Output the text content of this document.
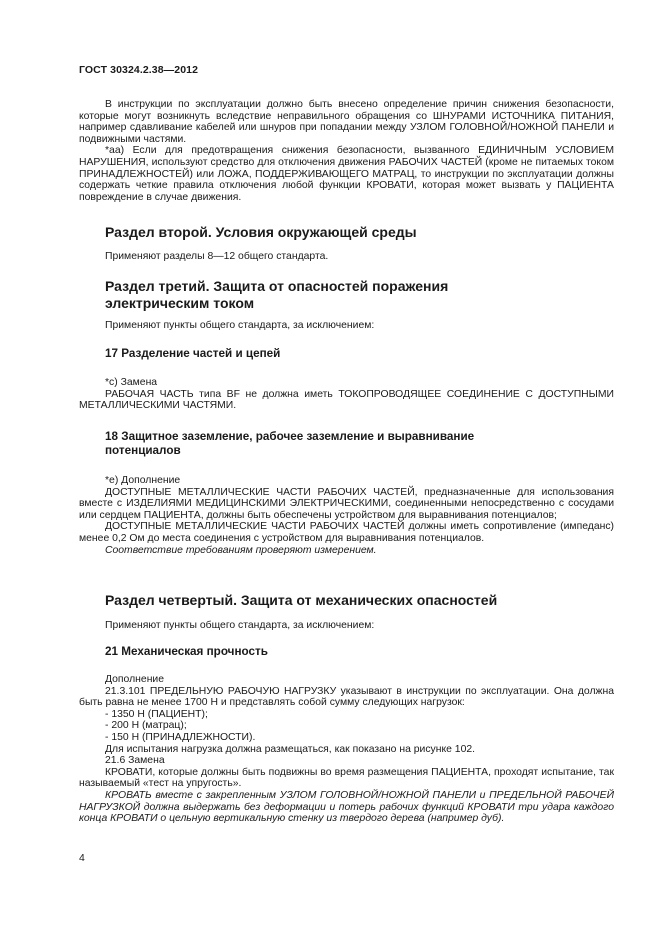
ГОСТ 30324.2.38—2012

В инструкции по эксплуатации должно быть внесено определение причин снижения безопасности, которые могут возникнуть вследствие неправильного обращения со ШНУРАМИ ИСТОЧНИКА ПИТАНИЯ, например сдавливание кабелей или шнуров при попадании между УЗЛОМ ГОЛОВНОЙ/НОЖНОЙ ПАНЕЛИ и подвижными частями.

*аа) Если для предотвращения снижения безопасности, вызванного ЕДИНИЧНЫМ УСЛОВИЕМ НАРУШЕНИЯ, используют средство для отключения движения РАБОЧИХ ЧАСТЕЙ (кроме не питаемых током ПРИНАДЛЕЖНОСТЕЙ) или ЛОЖА, ПОДДЕРЖИВАЮЩЕГО МАТРАЦ, то инструкции по эксплуатации должны содержать четкие правила отключения любой функции КРОВАТИ, которая может вызвать у ПАЦИЕНТА повреждение в случае движения.

Раздел второй. Условия окружающей среды

Применяют разделы 8—12 общего стандарта.

Раздел третий. Защита от опасностей поражения
электрическим током

Применяют пункты общего стандарта, за исключением:

17 Разделение частей и цепей

*с) Замена

РАБОЧАЯ ЧАСТЬ типа BF не должна иметь ТОКОПРОВОДЯЩЕЕ СОЕДИНЕНИЕ С ДОСТУПНЫМИ МЕТАЛЛИЧЕСКИМИ ЧАСТЯМИ.

18 Защитное заземление, рабочее заземление и выравнивание
потенциалов

*е) Дополнение

ДОСТУПНЫЕ МЕТАЛЛИЧЕСКИЕ ЧАСТИ РАБОЧИХ ЧАСТЕЙ, предназначенные для использования вместе с ИЗДЕЛИЯМИ МЕДИЦИНСКИМИ ЭЛЕКТРИЧЕСКИМИ, соединенными непосредственно с сосудами или сердцем ПАЦИЕНТА, должны быть обеспечены устройством для выравнивания потенциалов;

ДОСТУПНЫЕ МЕТАЛЛИЧЕСКИЕ ЧАСТИ РАБОЧИХ ЧАСТЕЙ должны иметь сопротивление (импеданс) менее 0,2 Ом до места соединения с устройством для выравнивания потенциалов.

Соответствие требованиям проверяют измерением.

Раздел четвертый. Защита от механических опасностей

Применяют пункты общего стандарта, за исключением:

21 Механическая прочность

Дополнение

21.3.101 ПРЕДЕЛЬНУЮ РАБОЧУЮ НАГРУЗКУ указывают в инструкции по эксплуатации. Она должна быть равна не менее 1700 Н и представлять собой сумму следующих нагрузок:

- 1350 Н (ПАЦИЕНТ);

- 200 Н (матрац);

- 150 Н (ПРИНАДЛЕЖНОСТИ).

Для испытания нагрузка должна размещаться, как показано на рисунке 102.

21.6 Замена

КРОВАТИ, которые должны быть подвижны во время размещения ПАЦИЕНТА, проходят испытание, так называемый «тест на упругость».

КРОВАТЬ вместе с закрепленным УЗЛОМ ГОЛОВНОЙ/НОЖНОЙ ПАНЕЛИ и ПРЕДЕЛЬНОЙ РАБОЧЕЙ НАГРУЗКОЙ должна выдержать без деформации и потерь рабочих функций КРОВАТИ три удара каждого конца КРОВАТИ о цельную вертикальную стенку из твердого дерева (например дуб).

4
